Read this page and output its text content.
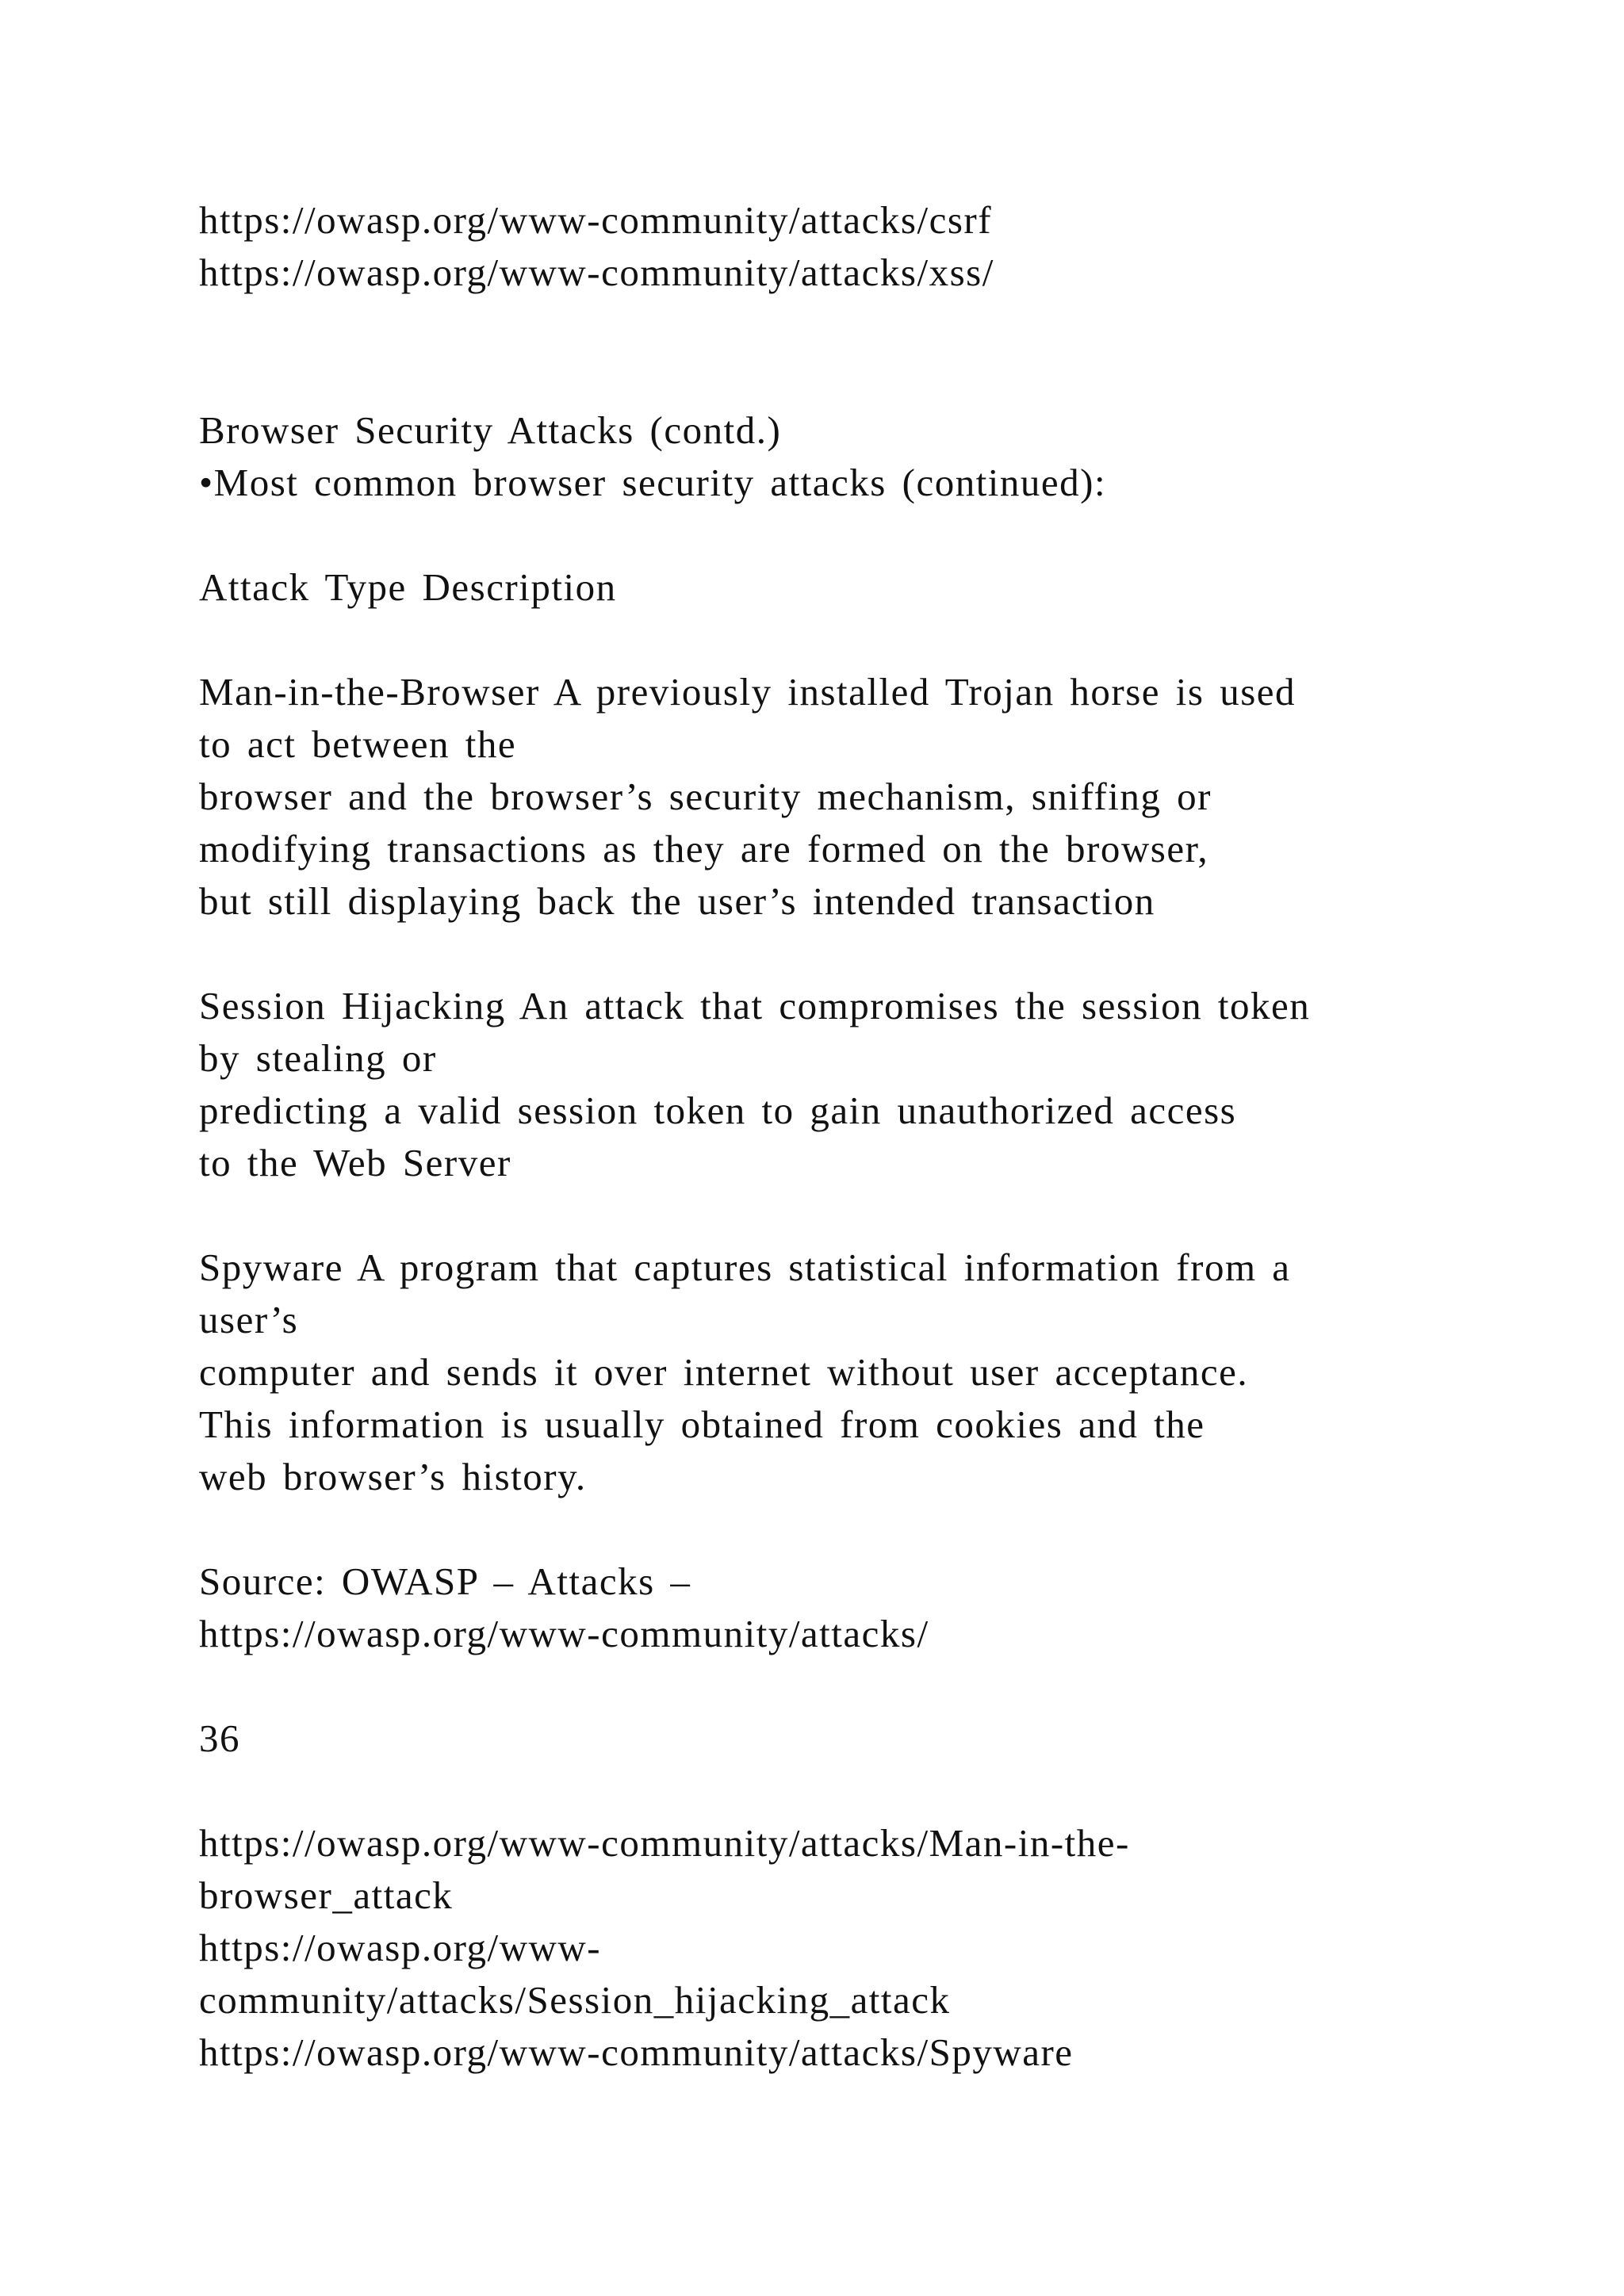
https://owasp.org/www-community/attacks/csrf
https://owasp.org/www-community/attacks/xss/
Browser Security Attacks (contd.)
•Most common browser security attacks (continued):
Attack Type Description
Man-in-the-Browser A previously installed Trojan horse is used
to act between the
browser and the browser’s security mechanism, sniffing or
modifying transactions as they are formed on the browser,
but still displaying back the user’s intended transaction
Session Hijacking An attack that compromises the session token
by stealing or
predicting a valid session token to gain unauthorized access
to the Web Server
Spyware A program that captures statistical information from a
user’s
computer and sends it over internet without user acceptance.
This information is usually obtained from cookies and the
web browser’s history.
Source: OWASP – Attacks –
https://owasp.org/www-community/attacks/
36
https://owasp.org/www-community/attacks/Man-in-the-
browser_attack
https://owasp.org/www-
community/attacks/Session_hijacking_attack
https://owasp.org/www-community/attacks/Spyware
